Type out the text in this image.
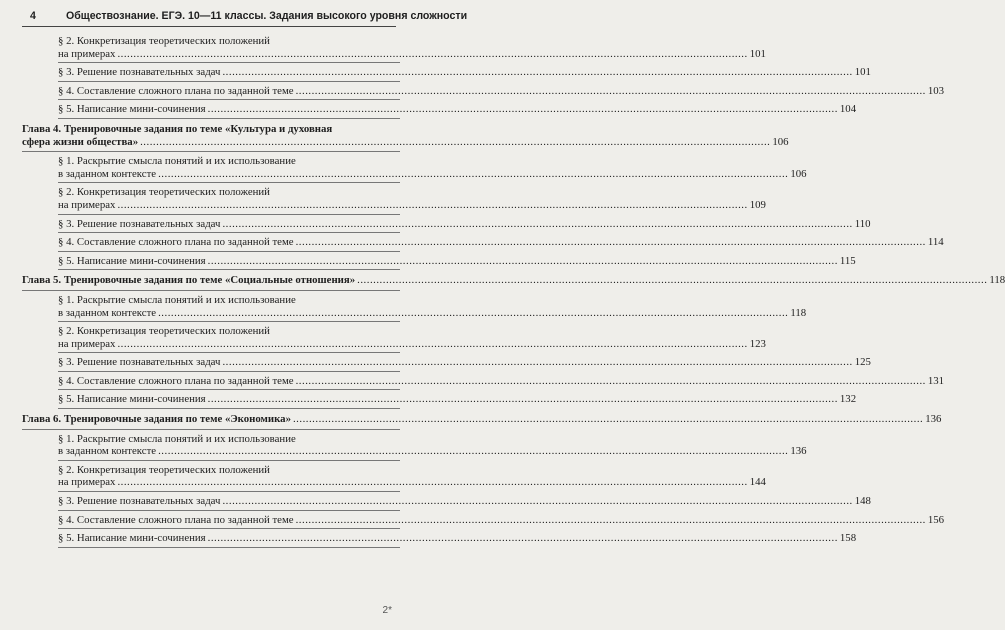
4	Обществознание. ЕГЭ. 10—11 классы. Задания высокого уровня сложности
§ 2. Конкретизация теоретических положений
на примерах .....	101
§ 3. Решение познавательных задач .....	101
§ 4. Составление сложного плана по заданной теме .....	103
§ 5. Написание мини-сочинения .....	104
Глава 4. Тренировочные задания по теме «Культура и духовная
сфера жизни общества» .....	106
§ 1. Раскрытие смысла понятий и их использование
в заданном контексте .....	106
§ 2. Конкретизация теоретических положений
на примерах .....	109
§ 3. Решение познавательных задач .....	110
§ 4. Составление сложного плана по заданной теме .....	114
§ 5. Написание мини-сочинения .....	115
Глава 5. Тренировочные задания по теме «Социальные отношения» .....	118
§ 1. Раскрытие смысла понятий и их использование
в заданном контексте .....	118
§ 2. Конкретизация теоретических положений
на примерах .....	123
§ 3. Решение познавательных задач .....	125
§ 4. Составление сложного плана по заданной теме .....	131
§ 5. Написание мини-сочинения .....	132
Глава 6. Тренировочные задания по теме «Экономика» .....	136
§ 1. Раскрытие смысла понятий и их использование
в заданном контексте .....	136
§ 2. Конкретизация теоретических положений
на примерах .....	144
§ 3. Решение познавательных задач .....	148
§ 4. Составление сложного плана по заданной теме .....	156
§ 5. Написание мини-сочинения .....	158
2*
